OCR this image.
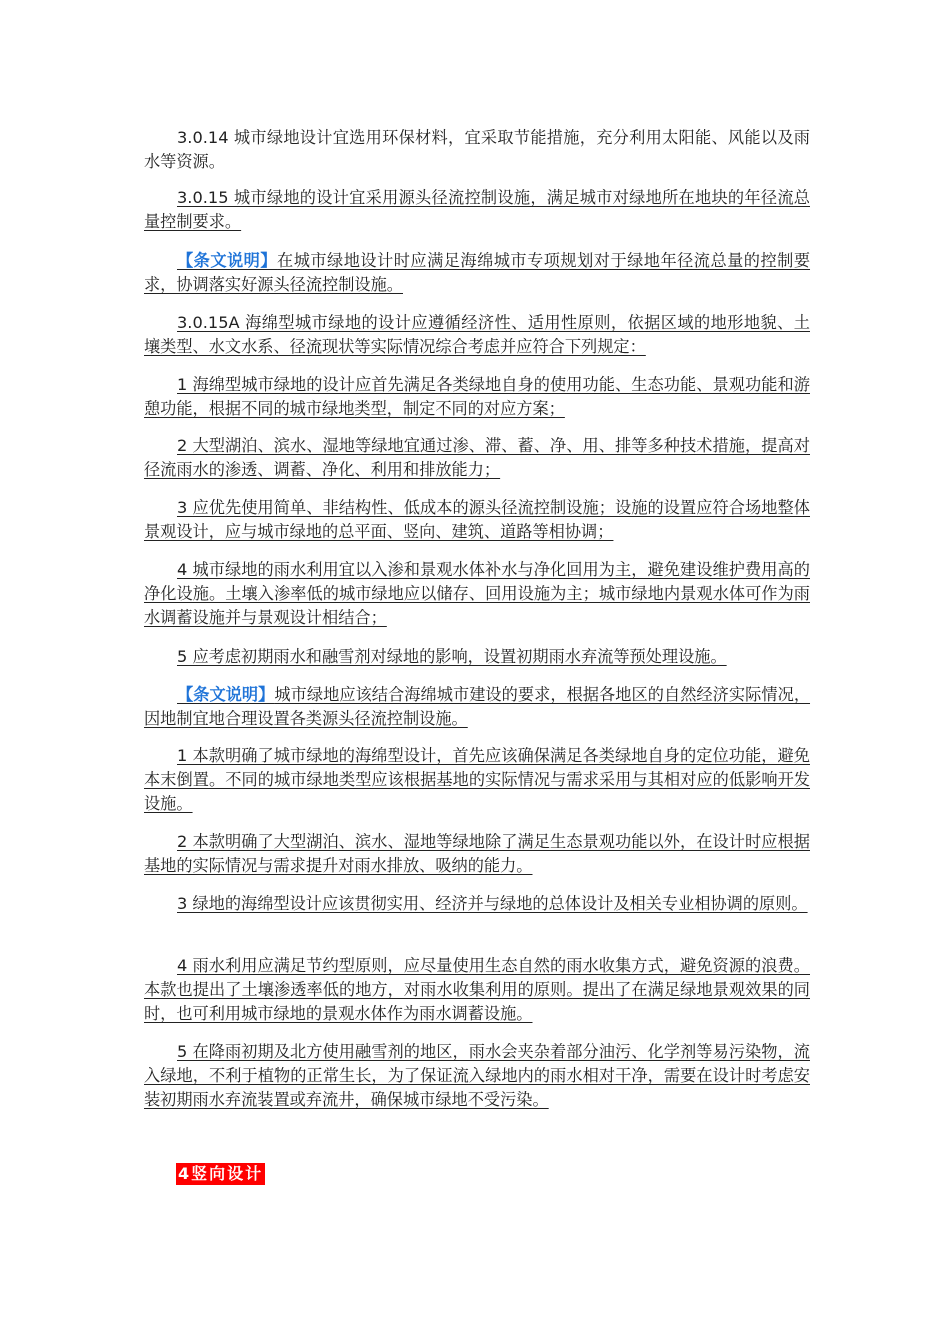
3.0.14 城市绿地设计宜选用环保材料，宜采取节能措施，充分利用太阳能、风能以及雨水等资源。

3.0.15 城市绿地的设计宜采用源头径流控制设施，满足城市对绿地所在地块的年径流总量控制要求。

【条文说明】在城市绿地设计时应满足海绵城市专项规划对于绿地年径流总量的控制要求，协调落实好源头径流控制设施。

3.0.15A 海绵型城市绿地的设计应遵循经济性、适用性原则，依据区域的地形地貌、土壤类型、水文水系、径流现状等实际情况综合考虑并应符合下列规定：

1 海绵型城市绿地的设计应首先满足各类绿地自身的使用功能、生态功能、景观功能和游憩功能，根据不同的城市绿地类型，制定不同的对应方案；

2 大型湖泊、滨水、湿地等绿地宜通过渗、滞、蓄、净、用、排等多种技术措施，提高对径流雨水的渗透、调蓄、净化、利用和排放能力；

3 应优先使用简单、非结构性、低成本的源头径流控制设施；设施的设置应符合场地整体景观设计，应与城市绿地的总平面、竖向、建筑、道路等相协调；

4 城市绿地的雨水利用宜以入渗和景观水体补水与净化回用为主，避免建设维护费用高的净化设施。土壤入渗率低的城市绿地应以储存、回用设施为主；城市绿地内景观水体可作为雨水调蓄设施并与景观设计相结合；

5 应考虑初期雨水和融雪剂对绿地的影响，设置初期雨水弃流等预处理设施。

【条文说明】城市绿地应该结合海绵城市建设的要求，根据各地区的自然经济实际情况，因地制宜地合理设置各类源头径流控制设施。

1 本款明确了城市绿地的海绵型设计，首先应该确保满足各类绿地自身的定位功能，避免本末倒置。不同的城市绿地类型应该根据基地的实际情况与需求采用与其相对应的低影响开发设施。

2 本款明确了大型湖泊、滨水、湿地等绿地除了满足生态景观功能以外，在设计时应根据基地的实际情况与需求提升对雨水排放、吸纳的能力。

3 绿地的海绵型设计应该贯彻实用、经济并与绿地的总体设计及相关专业相协调的原则。

4 雨水利用应满足节约型原则，应尽量使用生态自然的雨水收集方式，避免资源的浪费。本款也提出了土壤渗透率低的地方，对雨水收集利用的原则。提出了在满足绿地景观效果的同时，也可利用城市绿地的景观水体作为雨水调蓄设施。

5 在降雨初期及北方使用融雪剂的地区，雨水会夹杂着部分油污、化学剂等易污染物，流入绿地，不利于植物的正常生长，为了保证流入绿地内的雨水相对干净，需要在设计时考虑安装初期雨水弃流装置或弃流井，确保城市绿地不受污染。

4竖向设计
